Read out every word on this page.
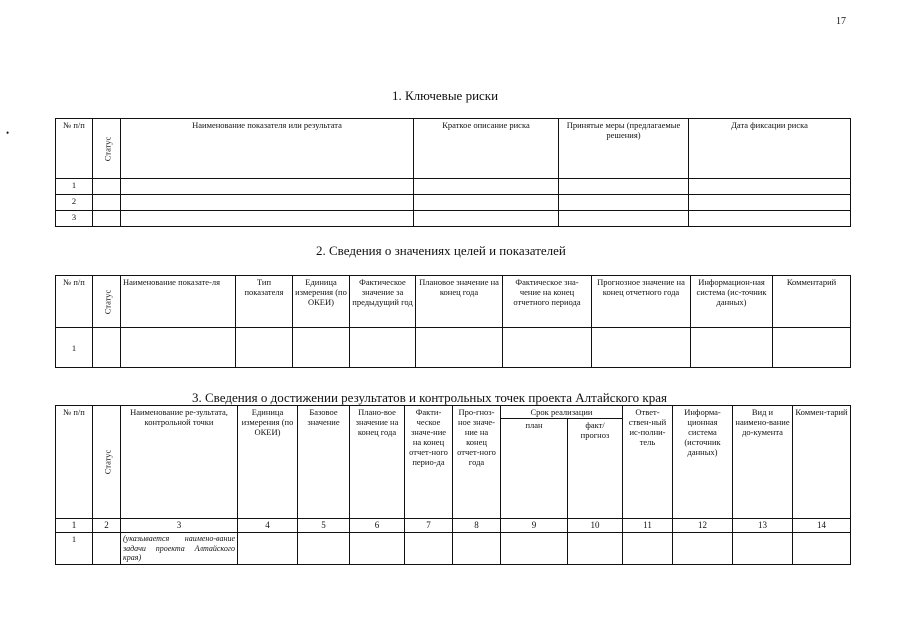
17
•
1. Ключевые риски
№ п/п	Статус	Наименование показателя или результата	Краткое описание риска	Принятые меры (предлагаемые решения)	Дата фиксации риска
1					
2					
3					
2. Сведения о значениях целей и показателей
№ п/п	Статус	Наименование показате-ля	Тип показателя	Единица измерения (по ОКЕИ)	Фактическое значение за предыдущий год	Плановое значение на конец года	Фактическое зна-чение на конец отчетного периода	Прогнозное значение на конец отчетного года	Информацион-ная система (ис-точник данных)	Комментарий
1										
3. Сведения о достижении результатов и контрольных точек проекта Алтайского края
№ п/п	Статус	Наименование ре-зультата, контрольной точки	Единица измерения (по ОКЕИ)	Базовое значение	Плано-вое значение на конец года	Факти-ческое значе-ние на конец отчет-ного перио-да	Про-гноз-ное значе-ние на конец отчет-ного года	Срок реализации		Ответ-ствен-ный ис-полни-тель	Информа-ционная система (источник данных)	Вид и наимено-вание до-кумента	Коммен-тарий
								план	факт/ прогноз				
1	2	3	4	5	6	7	8	9	10	11	12	13	14
1		(указывается наимено-вание задачи проекта Алтайского края)											
